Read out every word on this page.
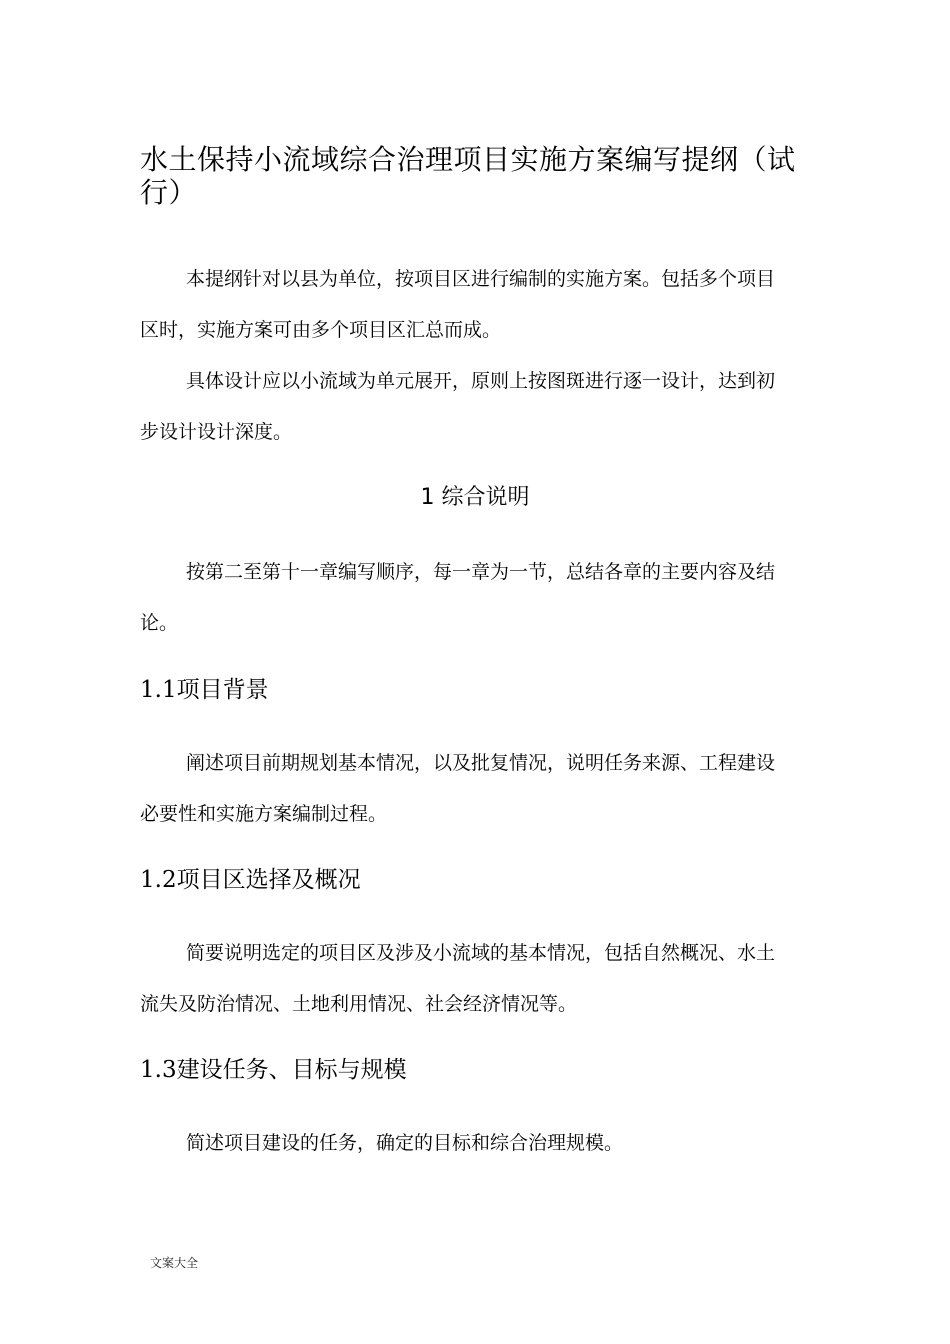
水土保持小流域综合治理项目实施方案编写提纲（试行）

本提纲针对以县为单位，按项目区进行编制的实施方案。包括多个项目区时，实施方案可由多个项目区汇总而成。

具体设计应以小流域为单元展开，原则上按图斑进行逐一设计，达到初步设计设计深度。

1 综合说明

按第二至第十一章编写顺序，每一章为一节，总结各章的主要内容及结论。

1.1项目背景

阐述项目前期规划基本情况，以及批复情况，说明任务来源、工程建设必要性和实施方案编制过程。

1.2项目区选择及概况

简要说明选定的项目区及涉及小流域的基本情况，包括自然概况、水土流失及防治情况、土地利用情况、社会经济情况等。

1.3建设任务、目标与规模

简述项目建设的任务，确定的目标和综合治理规模。

文案大全
